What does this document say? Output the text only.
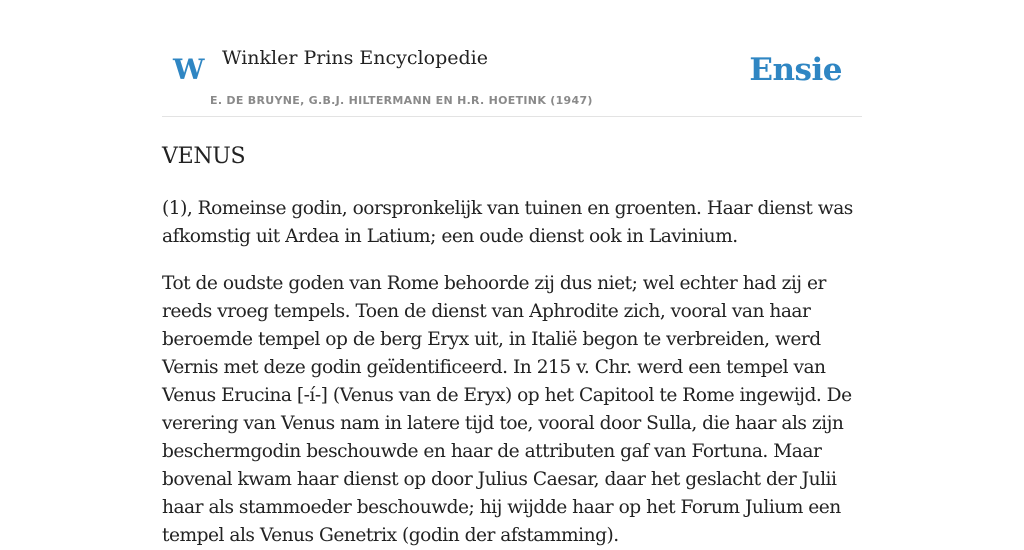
W Winkler Prins Encyclopedie
E. DE BRUYNE, G.B.J. HILTERMANN EN H.R. HOETINK (1947)
Ensie
VENUS

(1), Romeinse godin, oorspronkelijk van tuinen en groenten. Haar dienst was afkomstig uit Ardea in Latium; een oude dienst ook in Lavinium.

Tot de oudste goden van Rome behoorde zij dus niet; wel echter had zij er reeds vroeg tempels. Toen de dienst van Aphrodite zich, vooral van haar beroemde tempel op de berg Eryx uit, in Italië begon te verbreiden, werd Vernis met deze godin geïdentificeerd. In 215 v. Chr. werd een tempel van Venus Erucina [-í-] (Venus van de Eryx) op het Capitool te Rome ingewijd. De verering van Venus nam in latere tijd toe, vooral door Sulla, die haar als zijn beschermgodin beschouwde en haar de attributen gaf van Fortuna. Maar bovenal kwam haar dienst op door Julius Caesar, daar het geslacht der Julii haar als stammoeder beschouwde; hij wijdde haar op het Forum Julium een tempel als Venus Genetrix (godin der afstamming).
